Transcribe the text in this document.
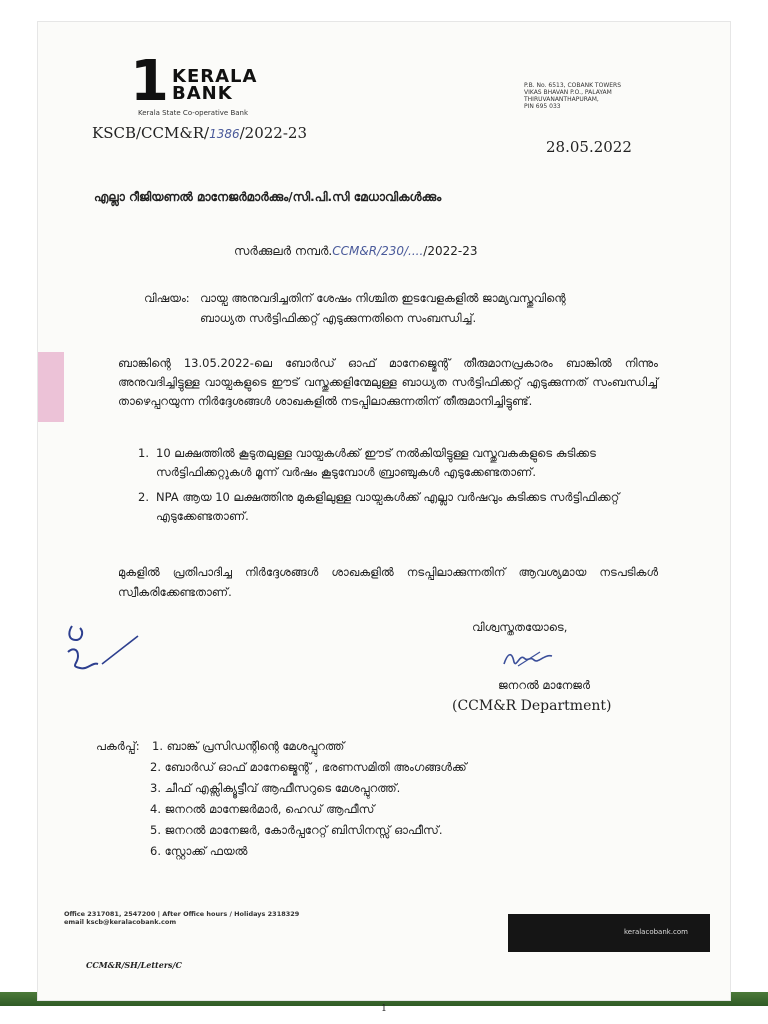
1 KERALA
BANK
Kerala State Co-operative Bank
P.B. No. 6513, COBANK TOWERS
VIKAS BHAVAN P.O., PALAYAM
THIRUVANANTHAPURAM,
PIN 695 033
KSCB/CCM&R/1386/2022-23
28.05.2022
എല്ലാ റീജിയണൽ മാനേജർമാർക്കും/സി.പി.സി മേധാവികൾക്കും
സർക്കുലർ നമ്പർ.CCM&R/230/..../2022-23
വിഷയം: വായ്പ അനുവദിച്ചതിന് ശേഷം നിശ്ചിത ഇടവേളകളിൽ ജാമ്യവസ്തുവിന്റെ
ബാധ്യത സർട്ടിഫിക്കറ്റ് എടുക്കുന്നതിനെ സംബന്ധിച്ച്.
ബാങ്കിന്റെ 13.05.2022-ലെ ബോർഡ് ഓഫ് മാനേജ്മെന്റ് തീരുമാനപ്രകാരം ബാങ്കിൽ നിന്നും അനുവദിച്ചിട്ടുള്ള വായ്പകളുടെ ഈട് വസ്തുക്കളിന്മേലുള്ള ബാധ്യത സർട്ടിഫിക്കറ്റ് എടുക്കുന്നത് സംബന്ധിച്ച് താഴെപ്പറയുന്ന നിർദ്ദേശങ്ങൾ ശാഖകളിൽ നടപ്പിലാക്കുന്നതിന് തീരുമാനിച്ചിട്ടുണ്ട്.
1. 10 ലക്ഷത്തിൽ കൂടുതലുള്ള വായ്പകൾക്ക് ഈട് നൽകിയിട്ടുള്ള വസ്തുവകകളുടെ കുടിക്കട സർട്ടിഫിക്കറ്റുകൾ മൂന്ന് വർഷം കൂടുമ്പോൾ ബ്രാഞ്ചുകൾ എടുക്കേണ്ടതാണ്.
2. NPA ആയ 10 ലക്ഷത്തിനു മുകളിലുള്ള വായ്പകൾക്ക് എല്ലാ വർഷവും കുടിക്കട സർട്ടിഫിക്കറ്റ് എടുക്കേണ്ടതാണ്.
മുകളിൽ പ്രതിപാദിച്ച നിർദ്ദേശങ്ങൾ ശാഖകളിൽ നടപ്പിലാക്കുന്നതിന് ആവശ്യമായ നടപടികൾ സ്വീകരിക്കേണ്ടതാണ്.
വിശ്വസ്തതയോടെ,
ജനറൽ മാനേജർ
(CCM&R Department)
പകർപ്പ്: 1. ബാങ്ക് പ്രസിഡന്റിന്റെ മേശപ്പുറത്ത്
2. ബോർഡ് ഓഫ് മാനേജ്മെന്റ് , ഭരണസമിതി അംഗങ്ങൾക്ക്
3. ചീഫ് എക്സിക്യൂട്ടീവ് ആഫീസറുടെ മേശപ്പുറത്ത്.
4. ജനറൽ മാനേജർമാർ, ഹെഡ് ആഫീസ്
5. ജനറൽ മാനേജർ, കോർപ്പറേറ്റ് ബിസിനസ്സ് ഓഫീസ്.
6. സ്റ്റോക്ക് ഫയൽ
Office 2317081, 2547200 | After Office hours / Holidays 2318329
email kscb@keralacobank.com
keralacobank.com
CCM&R/SH/Letters/C
1
